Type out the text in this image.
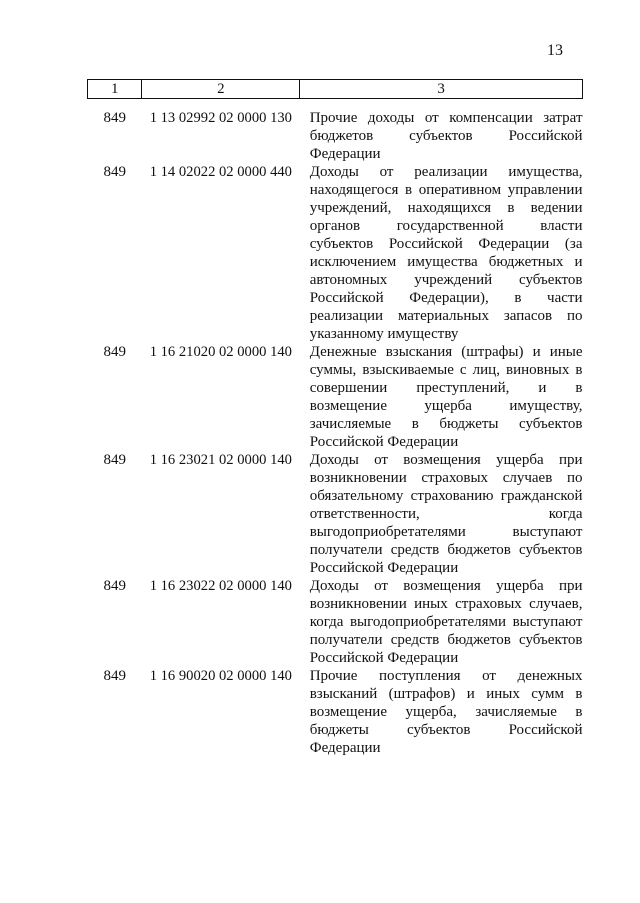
13
1	2	3
849	1 13 02992 02 0000 130	Прочие доходы от компенсации затрат бюджетов субъектов Российской Федерации
849	1 14 02022 02 0000 440	Доходы от реализации имущества, находящегося в оперативном управлении учреждений, находящихся в ведении органов государственной власти субъектов Российской Федерации (за исключением имущества бюджетных и автономных учреждений субъектов Российской Федерации), в части реализации материальных запасов по указанному имуществу
849	1 16 21020 02 0000 140	Денежные взыскания (штрафы) и иные суммы, взыскиваемые с лиц, виновных в совершении преступлений, и в возмещение ущерба имуществу, зачисляемые в бюджеты субъектов Российской Федерации
849	1 16 23021 02 0000 140	Доходы от возмещения ущерба при возникновении страховых случаев по обязательному страхованию гражданской ответственности, когда выгодоприобретателями выступают получатели средств бюджетов субъектов Российской Федерации
849	1 16 23022 02 0000 140	Доходы от возмещения ущерба при возникновении иных страховых случаев, когда выгодоприобретателями выступают получатели средств бюджетов субъектов Российской Федерации
849	1 16 90020 02 0000 140	Прочие поступления от денежных взысканий (штрафов) и иных сумм в возмещение ущерба, зачисляемые в бюджеты субъектов Российской Федерации
